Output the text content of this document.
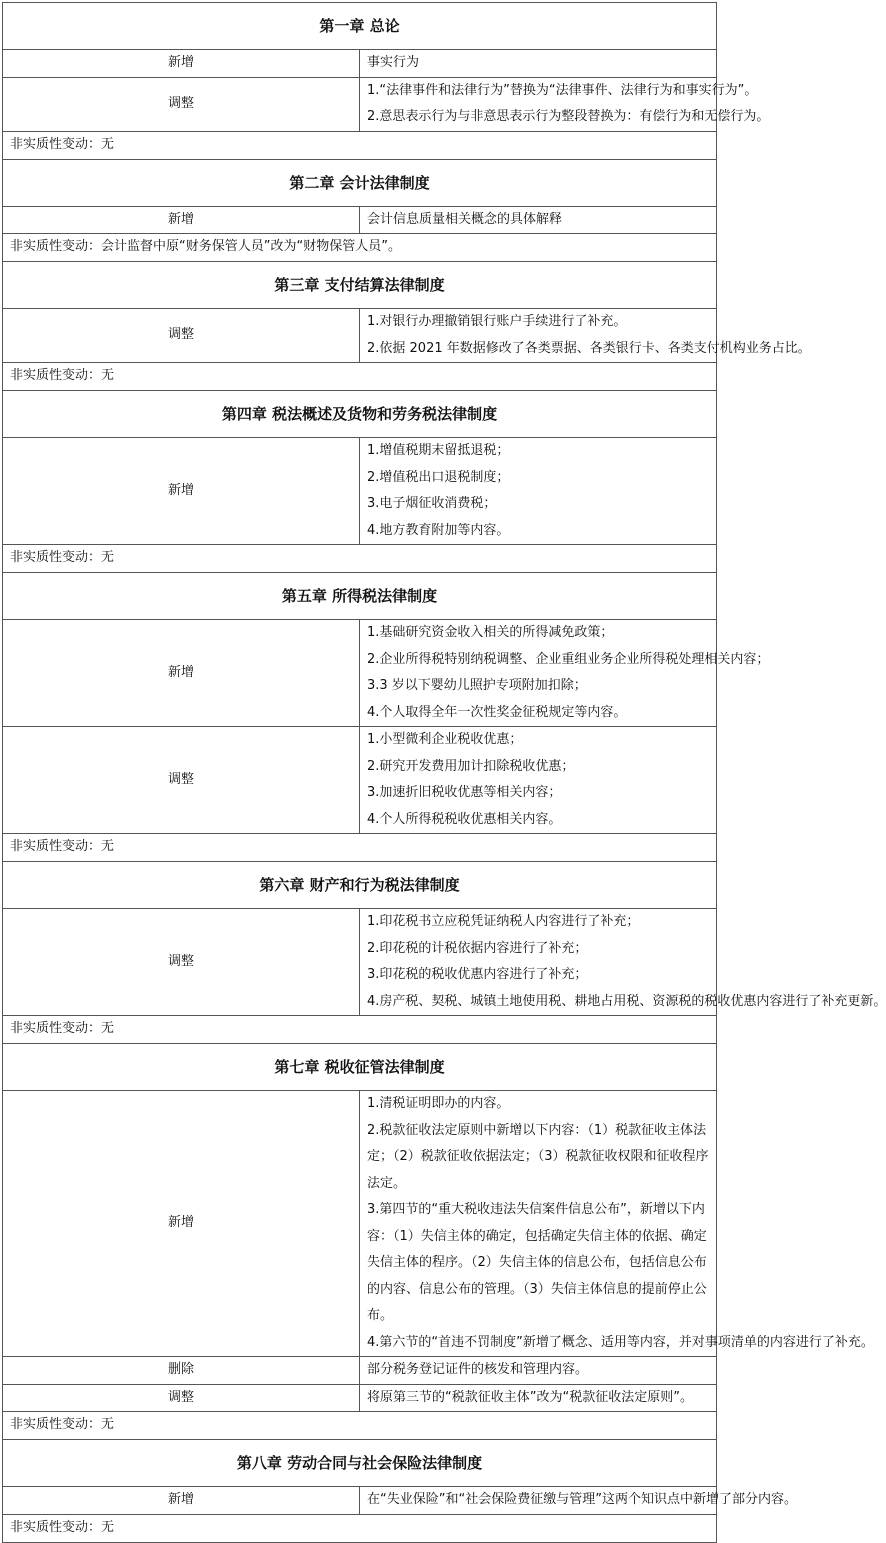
第一章 总论	
新增	事实行为

调整	1.“法律事件和法律行为”替换为“法律事件、法律行为和事实行为”。
2.意思表示行为与非意思表示行为整段替换为：有偿行为和无偿行为。

非实质性变动：无	
第二章 会计法律制度	
新增	会计信息质量相关概念的具体解释

非实质性变动：会计监督中原“财务保管人员”改为“财物保管人员”。	
第三章 支付结算法律制度	
调整	1.对银行办理撤销银行账户手续进行了补充。
2.依据 2021 年数据修改了各类票据、各类银行卡、各类支付机构业务占比。

非实质性变动：无	
第四章 税法概述及货物和劳务税法律制度	
新增	1.增值税期末留抵退税；
2.增值税出口退税制度；
3.电子烟征收消费税；
4.地方教育附加等内容。

非实质性变动：无	
第五章 所得税法律制度	
新增	1.基础研究资金收入相关的所得减免政策；
2.企业所得税特别纳税调整、企业重组业务企业所得税处理相关内容；
3.3 岁以下婴幼儿照护专项附加扣除；
4.个人取得全年一次性奖金征税规定等内容。

调整	1.小型微利企业税收优惠；
2.研究开发费用加计扣除税收优惠；
3.加速折旧税收优惠等相关内容；
4.个人所得税税收优惠相关内容。

非实质性变动：无	
第六章 财产和行为税法律制度	
调整	1.印花税书立应税凭证纳税人内容进行了补充；
2.印花税的计税依据内容进行了补充；
3.印花税的税收优惠内容进行了补充；
4.房产税、契税、城镇土地使用税、耕地占用税、资源税的税收优惠内容进行了补充更新。

非实质性变动：无	
第七章 税收征管法律制度	
新增	1.清税证明即办的内容。
2.税款征收法定原则中新增以下内容：（1）税款征收主体法定；（2）税款征收依据法定；（3）税款征收权限和征收程序法定。
3.第四节的“重大税收违法失信案件信息公布”，新增以下内容：（1）失信主体的确定，包括确定失信主体的依据、确定失信主体的程序。（2）失信主体的信息公布，包括信息公布的内容、信息公布的管理。（3）失信主体信息的提前停止公布。
4.第六节的“首违不罚制度”新增了概念、适用等内容，并对事项清单的内容进行了补充。

删除	部分税务登记证件的核发和管理内容。

调整	将原第三节的“税款征收主体”改为“税款征收法定原则”。

非实质性变动：无	
第八章 劳动合同与社会保险法律制度	
新增	在“失业保险”和“社会保险费征缴与管理”这两个知识点中新增了部分内容。

非实质性变动：无	
